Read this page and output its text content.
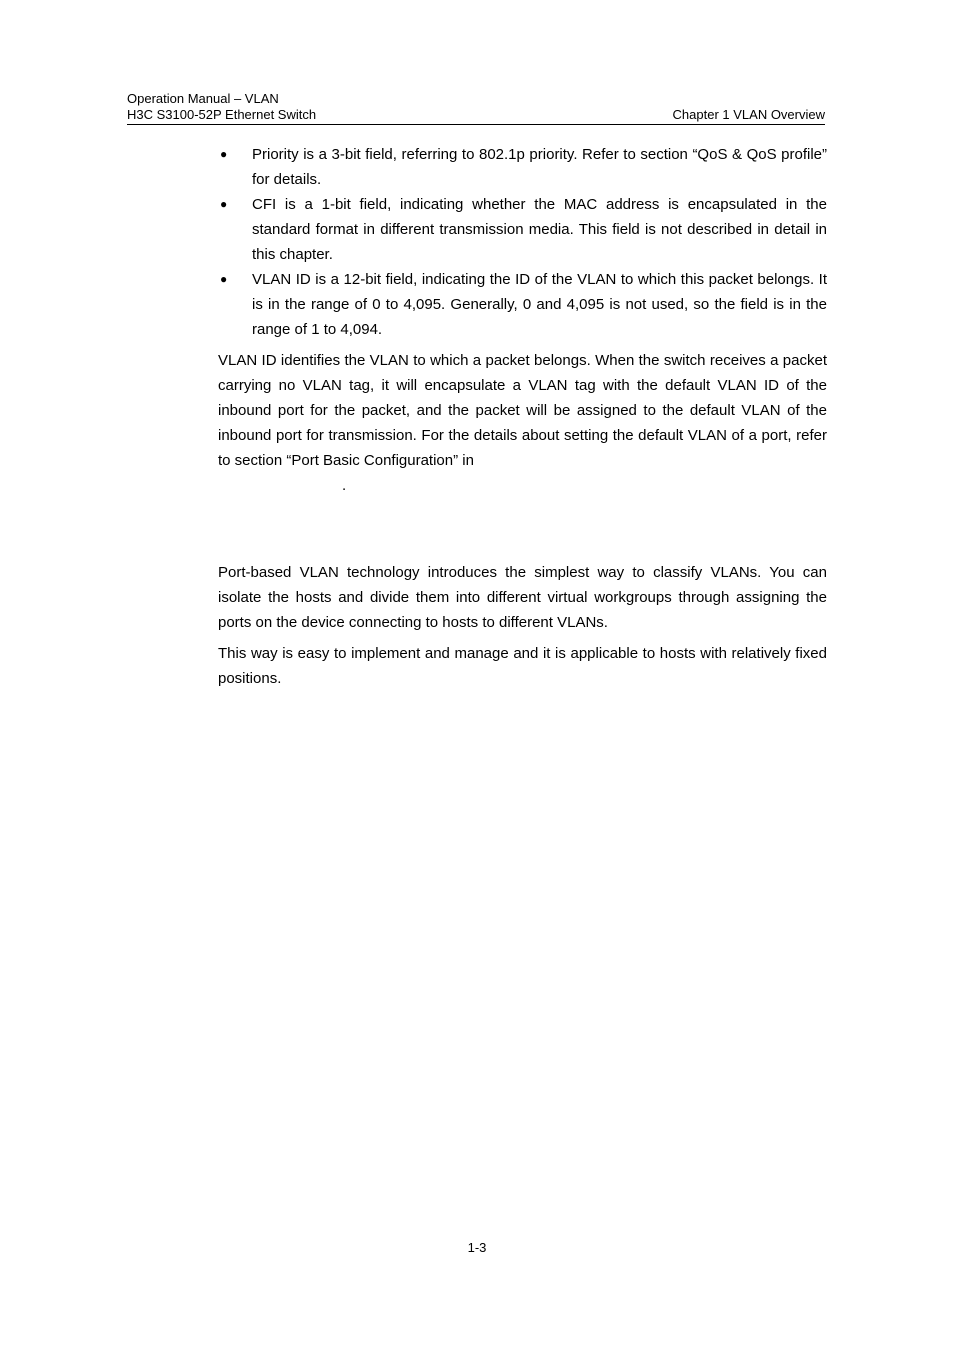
Operation Manual – VLAN
H3C S3100-52P Ethernet Switch	Chapter 1 VLAN Overview
● Priority is a 3-bit field, referring to 802.1p priority. Refer to section “QoS & QoS profile” for details.
● CFI is a 1-bit field, indicating whether the MAC address is encapsulated in the standard format in different transmission media. This field is not described in detail in this chapter.
● VLAN ID is a 12-bit field, indicating the ID of the VLAN to which this packet belongs. It is in the range of 0 to 4,095. Generally, 0 and 4,095 is not used, so the field is in the range of 1 to 4,094.

VLAN ID identifies the VLAN to which a packet belongs. When the switch receives a packet carrying no VLAN tag, it will encapsulate a VLAN tag with the default VLAN ID of the inbound port for the packet, and the packet will be assigned to the default VLAN of the inbound port for transmission. For the details about setting the default VLAN of a port, refer to section “Port Basic Configuration” in

.

Port-based VLAN technology introduces the simplest way to classify VLANs. You can isolate the hosts and divide them into different virtual workgroups through assigning the ports on the device connecting to hosts to different VLANs.

This way is easy to implement and manage and it is applicable to hosts with relatively fixed positions.

1-3
